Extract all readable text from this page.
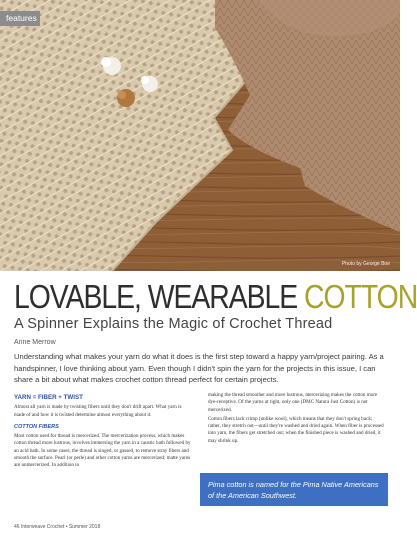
features
Photo by George Boe
LOVABLE, WEARABLE COTTON
A Spinner Explains the Magic of Crochet Thread
Anne Merrow
Understanding what makes your yarn do what it does is the first step toward a happy yarn/project pairing. As a handspinner, I love thinking about yarn. Even though I didn't spin the yarn for the projects in this issue, I can share a bit about what makes crochet cotton thread perfect for certain projects.
YARN = FIBER + TWIST

Almost all yarn is made by twisting fibers until they don't drift apart. What yarn is made of and how it is twisted determine almost everything about it.

COTTON FIBERS

Most cotton used for thread is mercerized. The mercerization process, which makes cotton thread more lustrous, involves immersing the yarn in a caustic bath followed by an acid bath. In some cases, the thread is singed, or gassed, to remove stray fibers and smooth the surface. Pearl (or perle) and other cotton yarns are mercerized; matte yarns are unmercerized. In addition to

making the thread smoother and more lustrous, mercerizing makes the cotton more dye-receptive. Of the yarns at right, only one (DMC Natura Just Cotton) is not mercerized.

Cotton fibers lack crimp (unlike wool), which means that they don't spring back; rather, they stretch out—until they're washed and dried again. When fiber is processed into yarn, the fibers get stretched out; when the finished piece is washed and dried, it may shrink up.

Pima cotton is named for the Pima Native Americans of the American Southwest.
46 Interweave Crochet • Summer 2018
